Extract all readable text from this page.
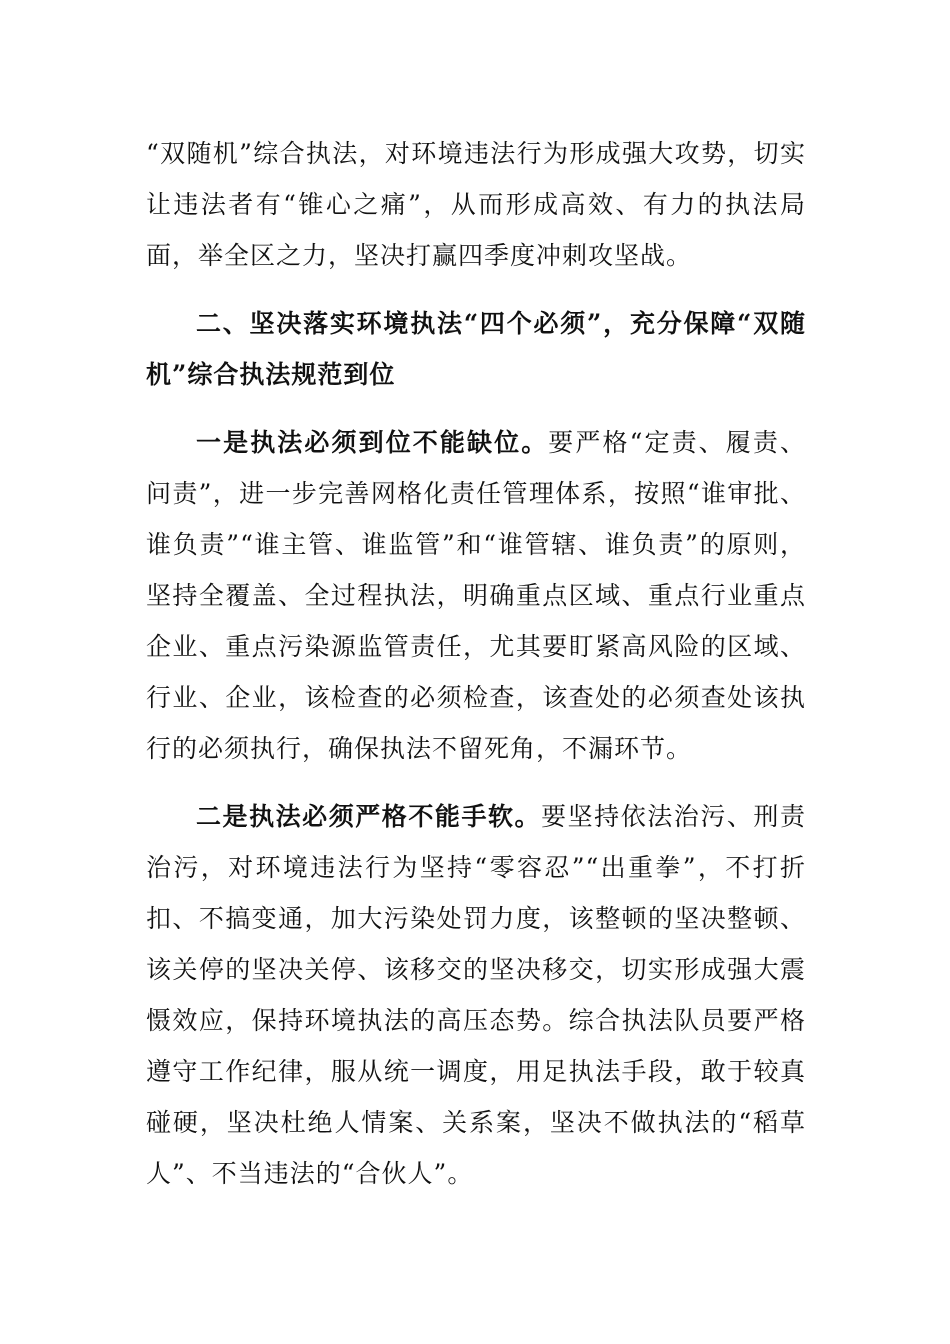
“双随机”综合执法，对环境违法行为形成强大攻势，切实让违法者有“锥心之痛”，从而形成高效、有力的执法局面，举全区之力，坚决打赢四季度冲刺攻坚战。

二、坚决落实环境执法“四个必须”，充分保障“双随机”综合执法规范到位

一是执法必须到位不能缺位。要严格“定责、履责、问责”，进一步完善网格化责任管理体系，按照“谁审批、谁负责”“谁主管、谁监管”和“谁管辖、谁负责”的原则，坚持全覆盖、全过程执法，明确重点区域、重点行业重点企业、重点污染源监管责任，尤其要盯紧高风险的区域、行业、企业，该检查的必须检查，该查处的必须查处该执行的必须执行，确保执法不留死角，不漏环节。

二是执法必须严格不能手软。要坚持依法治污、刑责治污，对环境违法行为坚持“零容忍”“出重拳”，不打折扣、不搞变通，加大污染处罚力度，该整顿的坚决整顿、该关停的坚决关停、该移交的坚决移交，切实形成强大震慑效应，保持环境执法的高压态势。综合执法队员要严格遵守工作纪律，服从统一调度，用足执法手段，敢于较真碰硬，坚决杜绝人情案、关系案，坚决不做执法的“稻草人”、不当违法的“合伙人”。
